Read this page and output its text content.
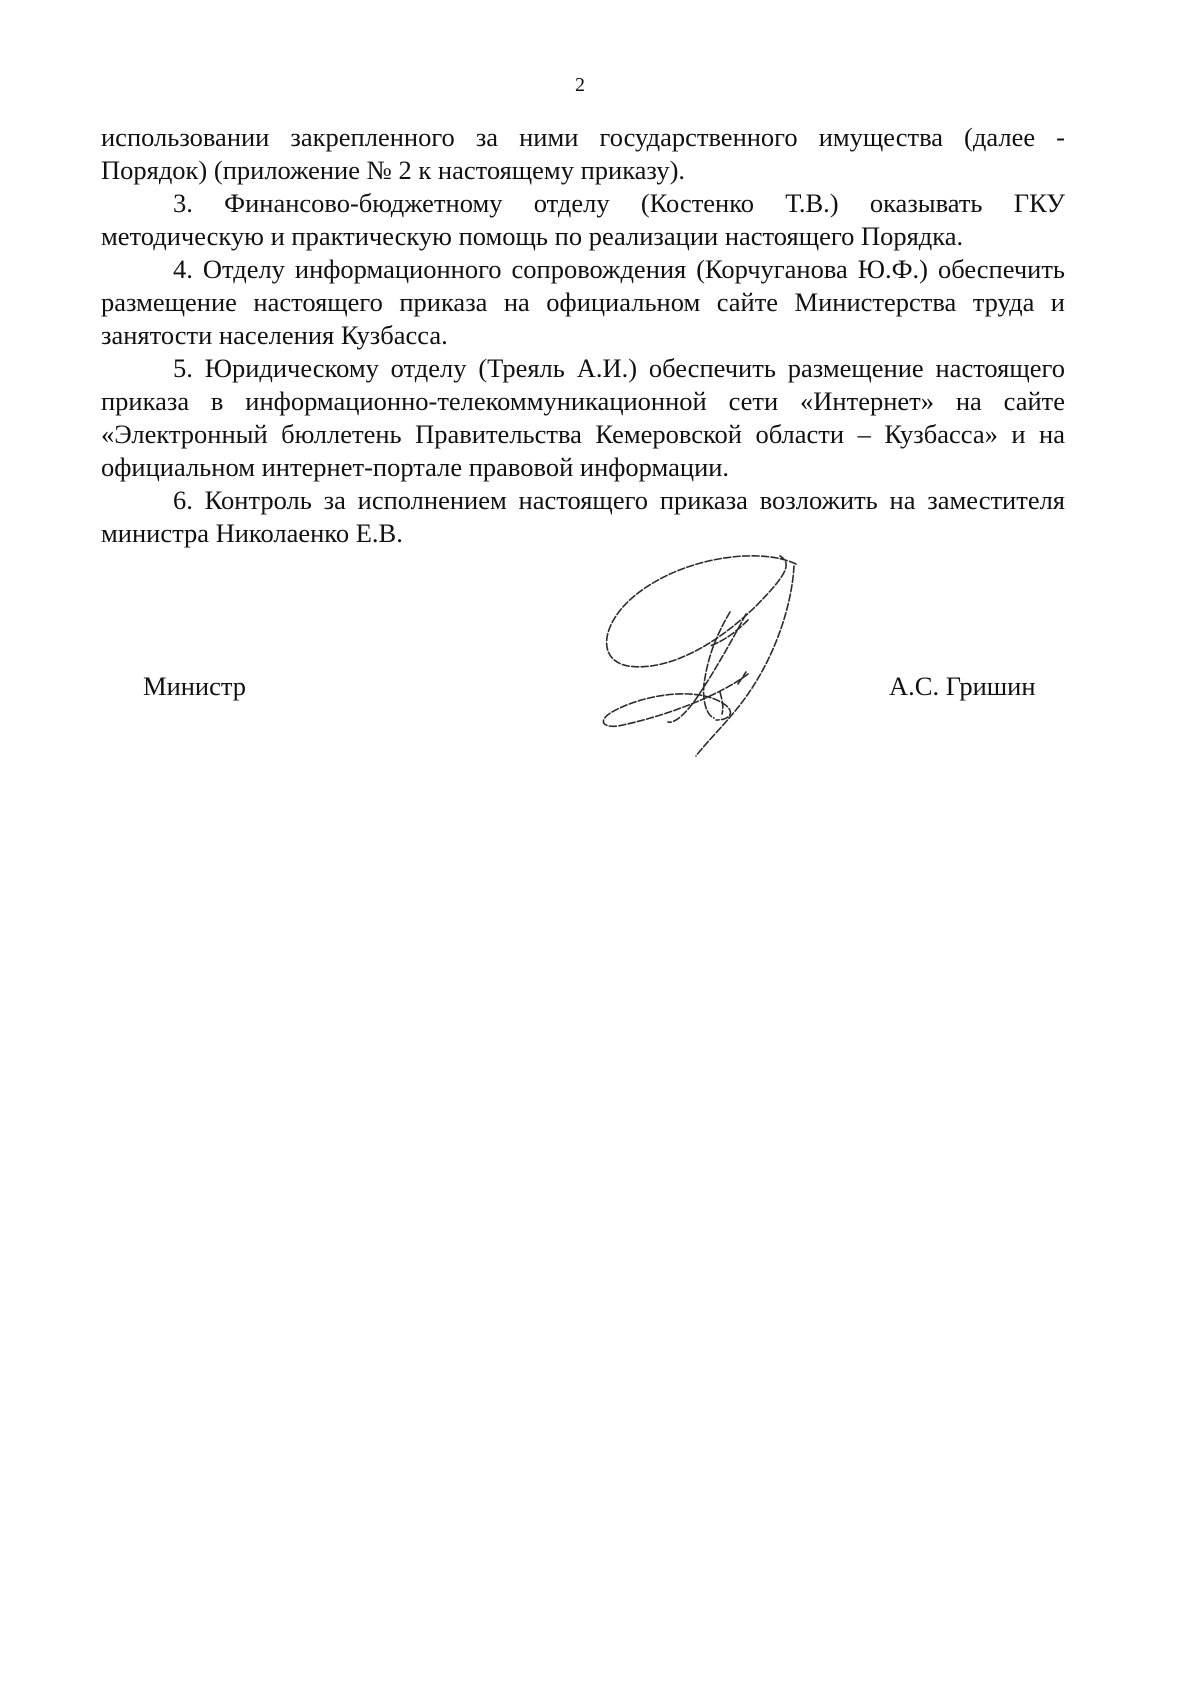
2

использовании закрепленного за ними государственного имущества (далее - Порядок) (приложение № 2 к настоящему приказу).

3. Финансово-бюджетному отделу (Костенко Т.В.) оказывать ГКУ методическую и практическую помощь по реализации настоящего Порядка.

4. Отделу информационного сопровождения (Корчуганова Ю.Ф.) обеспечить размещение настоящего приказа на официальном сайте Министерства труда и занятости населения Кузбасса.

5. Юридическому отделу (Треяль А.И.) обеспечить размещение настоящего приказа в информационно-телекоммуникационной сети «Интернет» на сайте «Электронный бюллетень Правительства Кемеровской области – Кузбасса» и на официальном интернет-портале правовой информации.

6. Контроль за исполнением настоящего приказа возложить на заместителя министра Николаенко Е.В.

Министр	А.С. Гришин
